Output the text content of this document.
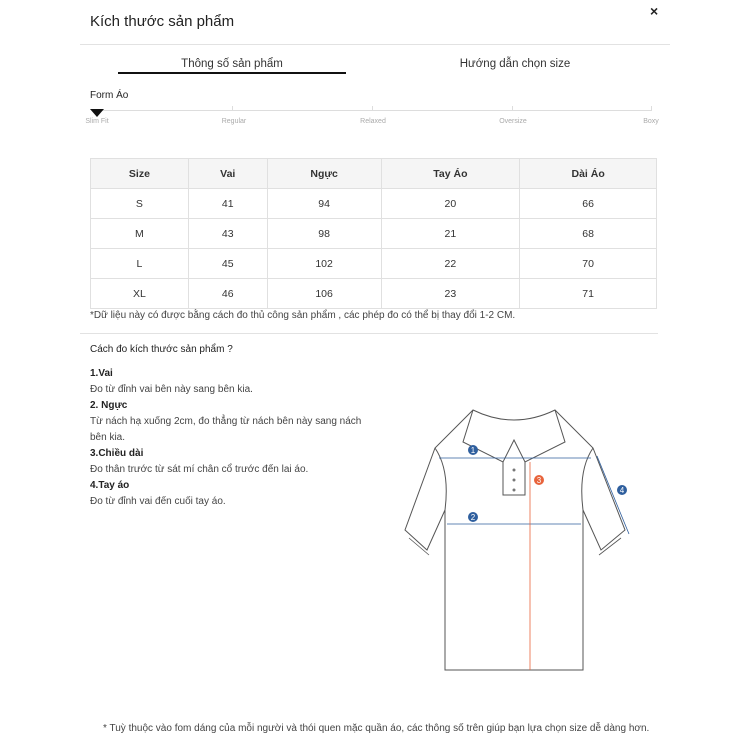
Kích thước sản phẩm
×
Thông số sản phẩm	Hướng dẫn chọn size
Form Áo
Slim Fit	Regular	Relaxed	Oversize	Boxy
Size	Vai	Ngực	Tay Áo	Dài Áo
S	41	94	20	66
M	43	98	21	68
L	45	102	22	70
XL	46	106	23	71
*Dữ liệu này có được bằng cách đo thủ công sản phẩm , các phép đo có thể bị thay đổi 1-2 CM.
Cách đo kích thước sản phẩm ?
1.Vai
Đo từ đỉnh vai bên này sang bên kia.
2. Ngực
Từ nách hạ xuống 2cm, đo thẳng từ nách bên này sang nách bên kia.
3.Chiều dài
Đo thân trước từ sát mí chân cổ trước đến lai áo.
4.Tay áo
Đo từ đỉnh vai đến cuối tay áo.
1
2
3
4
* Tuỳ thuộc vào fom dáng của mỗi người và thói quen mặc quần áo, các thông số trên giúp bạn lựa chọn size dễ dàng hơn.
